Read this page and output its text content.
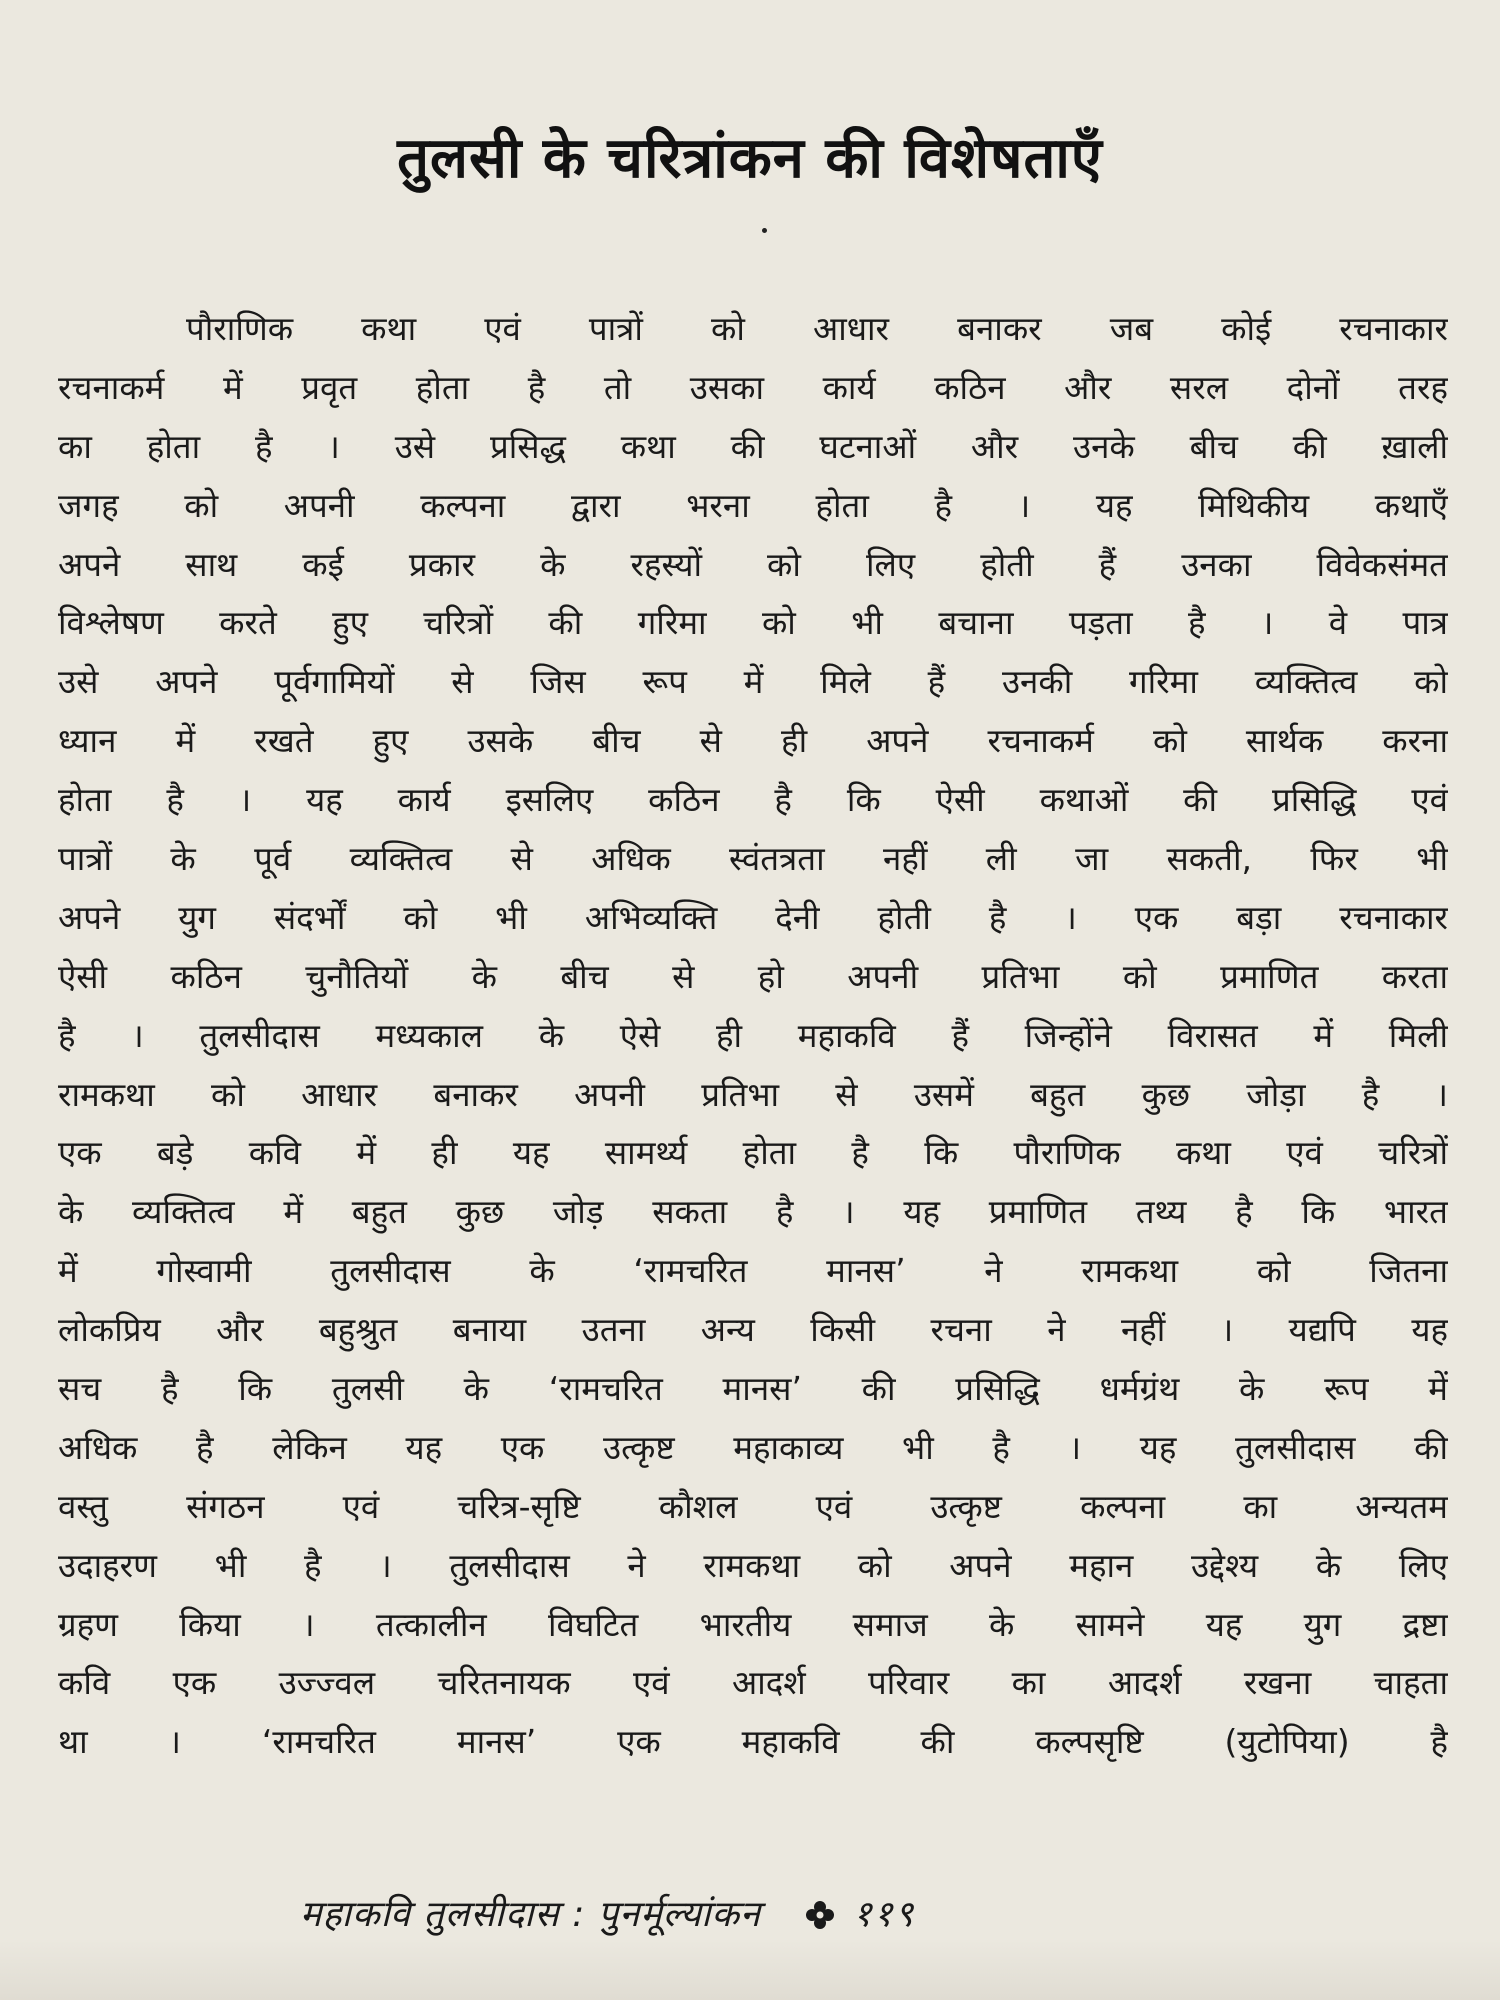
तुलसी के चरित्रांकन की विशेषताएँ
पौराणिक कथा एवं पात्रों को आधार बनाकर जब कोई रचनाकार
रचनाकर्म में प्रवृत होता है तो उसका कार्य कठिन और सरल दोनों तरह
का होता है । उसे प्रसिद्ध कथा की घटनाओं और उनके बीच की ख़ाली
जगह को अपनी कल्पना द्वारा भरना होता है । यह मिथिकीय कथाएँ
अपने साथ कई प्रकार के रहस्यों को लिए होती हैं उनका विवेकसंमत
विश्लेषण करते हुए चरित्रों की गरिमा को भी बचाना पड़ता है । वे पात्र
उसे अपने पूर्वगामियों से जिस रूप में मिले हैं उनकी गरिमा व्यक्तित्व को
ध्यान में रखते हुए उसके बीच से ही अपने रचनाकर्म को सार्थक करना
होता है । यह कार्य इसलिए कठिन है कि ऐसी कथाओं की प्रसिद्धि एवं
पात्रों के पूर्व व्यक्तित्व से अधिक स्वंतत्रता नहीं ली जा सकती, फिर भी
अपने युग संदर्भों को भी अभिव्यक्ति देनी होती है । एक बड़ा रचनाकार
ऐसी कठिन चुनौतियों के बीच से हो अपनी प्रतिभा को प्रमाणित करता
है । तुलसीदास मध्यकाल के ऐसे ही महाकवि हैं जिन्होंने विरासत में मिली
रामकथा को आधार बनाकर अपनी प्रतिभा से उसमें बहुत कुछ जोड़ा है ।
एक बड़े कवि में ही यह सामर्थ्य होता है कि पौराणिक कथा एवं चरित्रों
के व्यक्तित्व में बहुत कुछ जोड़ सकता है । यह प्रमाणित तथ्य है कि भारत
में गोस्वामी तुलसीदास के ‘रामचरित मानस’ ने रामकथा को जितना
लोकप्रिय और बहुश्रुत बनाया उतना अन्य किसी रचना ने नहीं । यद्यपि यह
सच है कि तुलसी के ‘रामचरित मानस’ की प्रसिद्धि धर्मग्रंथ के रूप में
अधिक है लेकिन यह एक उत्कृष्ट महाकाव्य भी है । यह तुलसीदास की
वस्तु संगठन एवं चरित्र-सृष्टि कौशल एवं उत्कृष्ट कल्पना का अन्यतम
उदाहरण भी है । तुलसीदास ने रामकथा को अपने महान उद्देश्य के लिए
ग्रहण किया । तत्कालीन विघटित भारतीय समाज के सामने यह युग द्रष्टा
कवि एक उज्ज्वल चरितनायक एवं आदर्श परिवार का आदर्श रखना चाहता
था । ‘रामचरित मानस’ एक महाकवि की कल्पसृष्टि (युटोपिया) है
महाकवि तुलसीदास : पुनर्मूल्यांकन	११९
